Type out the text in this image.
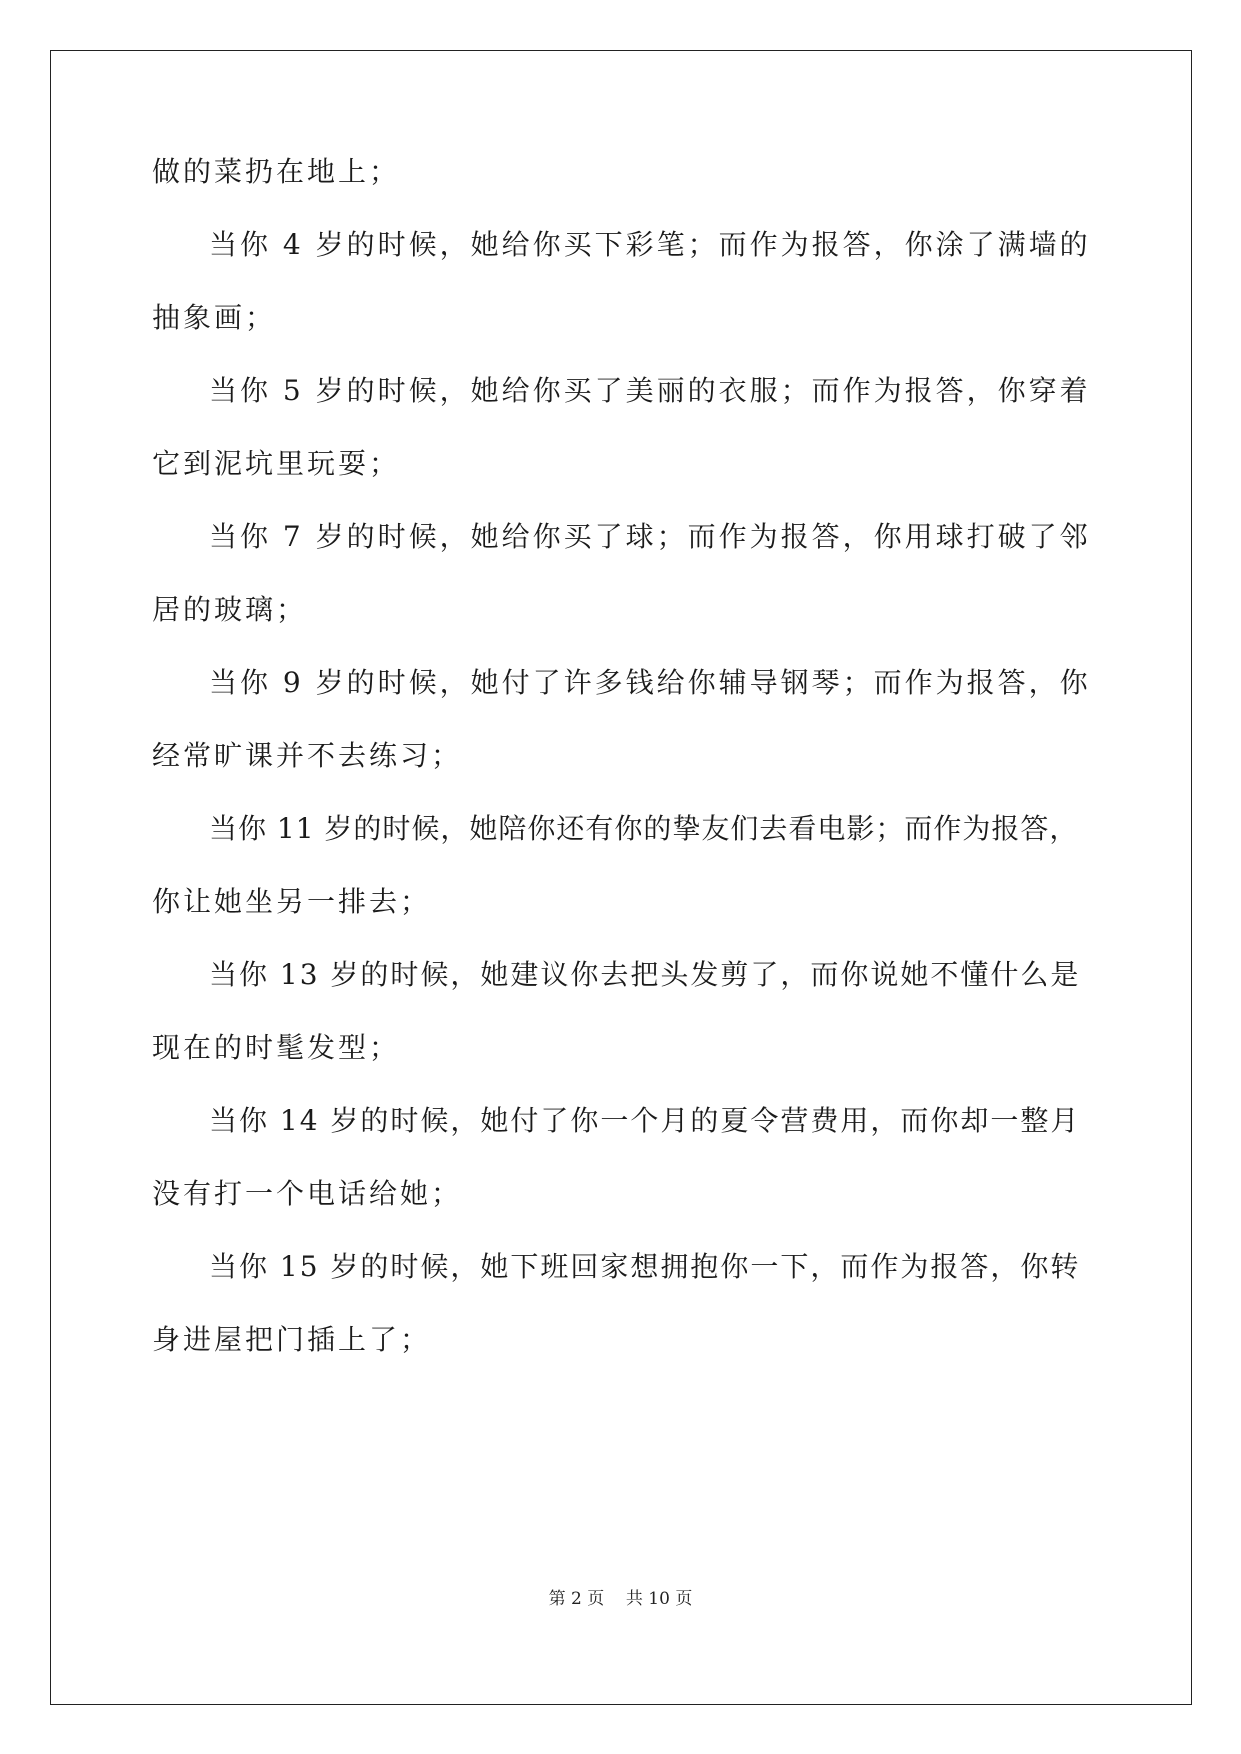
做的菜扔在地上；
当你 4 岁的时候，她给你买下彩笔；而作为报答，你涂了满墙的
抽象画；
当你 5 岁的时候，她给你买了美丽的衣服；而作为报答，你穿着
它到泥坑里玩耍；
当你 7 岁的时候，她给你买了球；而作为报答，你用球打破了邻
居的玻璃；
当你 9 岁的时候，她付了许多钱给你辅导钢琴；而作为报答，你
经常旷课并不去练习；
当你 11 岁的时候，她陪你还有你的挚友们去看电影；而作为报答，
你让她坐另一排去；
当你 13 岁的时候，她建议你去把头发剪了，而你说她不懂什么是
现在的时髦发型；
当你 14 岁的时候，她付了你一个月的夏令营费用，而你却一整月
没有打一个电话给她；
当你 15 岁的时候，她下班回家想拥抱你一下，而作为报答，你转
身进屋把门插上了；
第 2 页    共 10 页
